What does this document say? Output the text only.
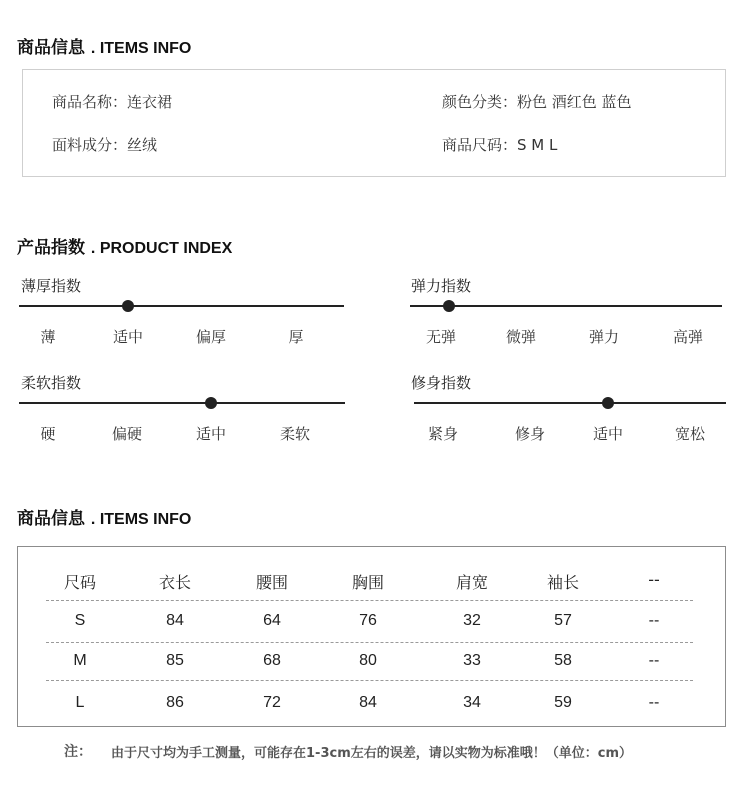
商品信息 . ITEMS INFO
商品名称：连衣裙	颜色分类：粉色 酒红色 蓝色
面料成分：丝绒	商品尺码：S M L
产品指数 . PRODUCT INDEX
薄厚指数
薄	适中	偏厚	厚
弹力指数
无弹	微弹	弹力	高弹
柔软指数
硬	偏硬	适中	柔软
修身指数
紧身	修身	适中	宽松
商品信息 . ITEMS INFO
尺码	衣长	腰围	胸围	肩宽	袖长	--
S	84	64	76	32	57	--
M	85	68	80	33	58	--
L	86	72	84	34	59	--
注： 由于尺寸均为手工测量，可能存在1-3cm左右的误差，请以实物为标准哦！（单位：cm）
